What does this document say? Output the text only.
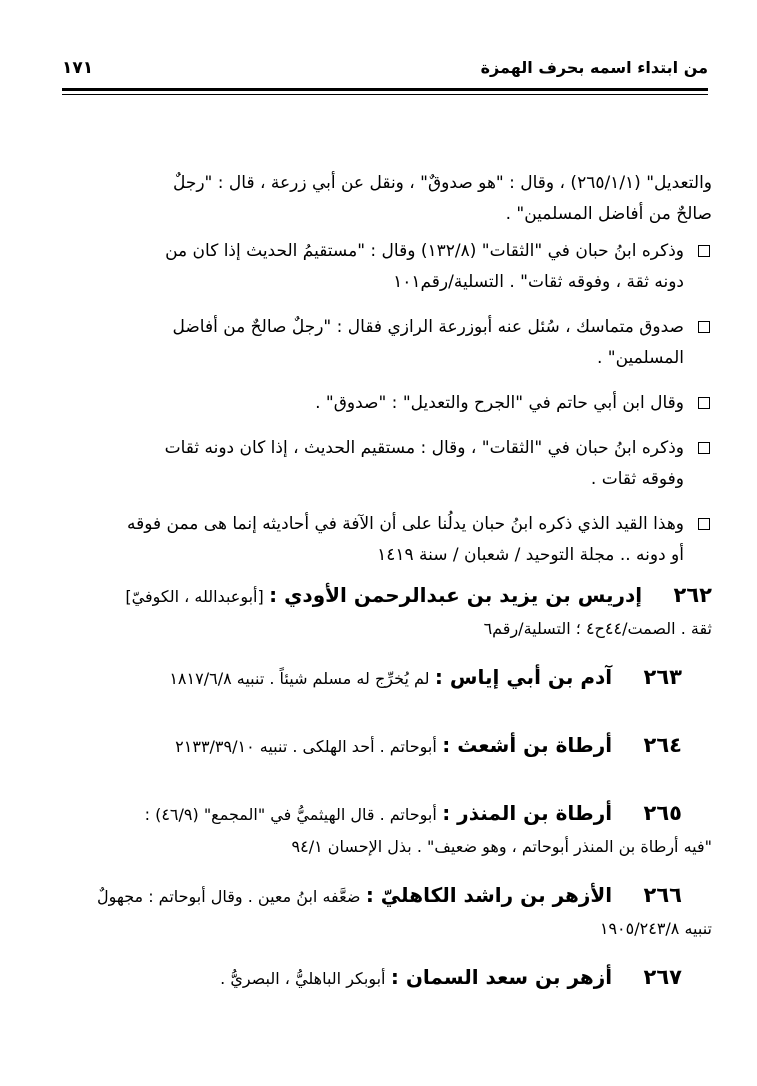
من ابتداء اسمه بحرف الهمزة
١٧١
والتعديل" (٢٦٥/١/١) ، وقال : "هو صدوقٌ" ، ونقل عن أبي زرعة ، قال : "رجلٌ
صالحٌ من أفاضل المسلمين" .
وذكره ابنُ حبان في "الثقات" (١٣٢/٨) وقال : "مستقيمُ الحديث إذا كان من
دونه ثقة ، وفوقه ثقات" . التسلية/رقم١٠١
صدوق متماسك ، سُئل عنه أبوزرعة الرازي فقال : "رجلٌ صالحٌ من أفاضل
المسلمين" .
وقال ابن أبي حاتم في "الجرح والتعديل" : "صدوق" .
وذكره ابنُ حبان في "الثقات" ، وقال : مستقيم الحديث ، إذا كان دونه ثقات
وفوقه ثقات .
وهذا القيد الذي ذكره ابنُ حبان يدلُنا على أن الآفة في أحاديثه إنما هى ممن فوقه
أو دونه .. مجلة التوحيد / شعبان / سنة ١٤١٩
٢٦٢ إدريس بن يزيد بن عبدالرحمن الأودي : [أبوعبدالله ، الكوفيّ]
ثقة . الصمت/٤٤ح٤ ؛ التسلية/رقم٦
٢٦٣ آدم بن أبي إياس : لم يُخرِّج له مسلم شيئاً . تنبيه ١٨١٧/٦/٨
٢٦٤ أرطاة بن أشعث : أبوحاتم . أحد الهلكى . تنبيه ٢١٣٣/٣٩/١٠
٢٦٥ أرطاة بن المنذر : أبوحاتم . قال الهيثميُّ في "المجمع" (٤٦/٩) :
"فيه أرطاة بن المنذر أبوحاتم ، وهو ضعيف" . بذل الإحسان ٩٤/١
٢٦٦ الأزهر بن راشد الكاهليّ : ضعَّفه ابنُ معين . وقال أبوحاتم : مجهولٌ
تنبيه ١٩٠٥/٢٤٣/٨
٢٦٧ أزهر بن سعد السمان : أبوبكر الباهليُّ ، البصريُّ .
